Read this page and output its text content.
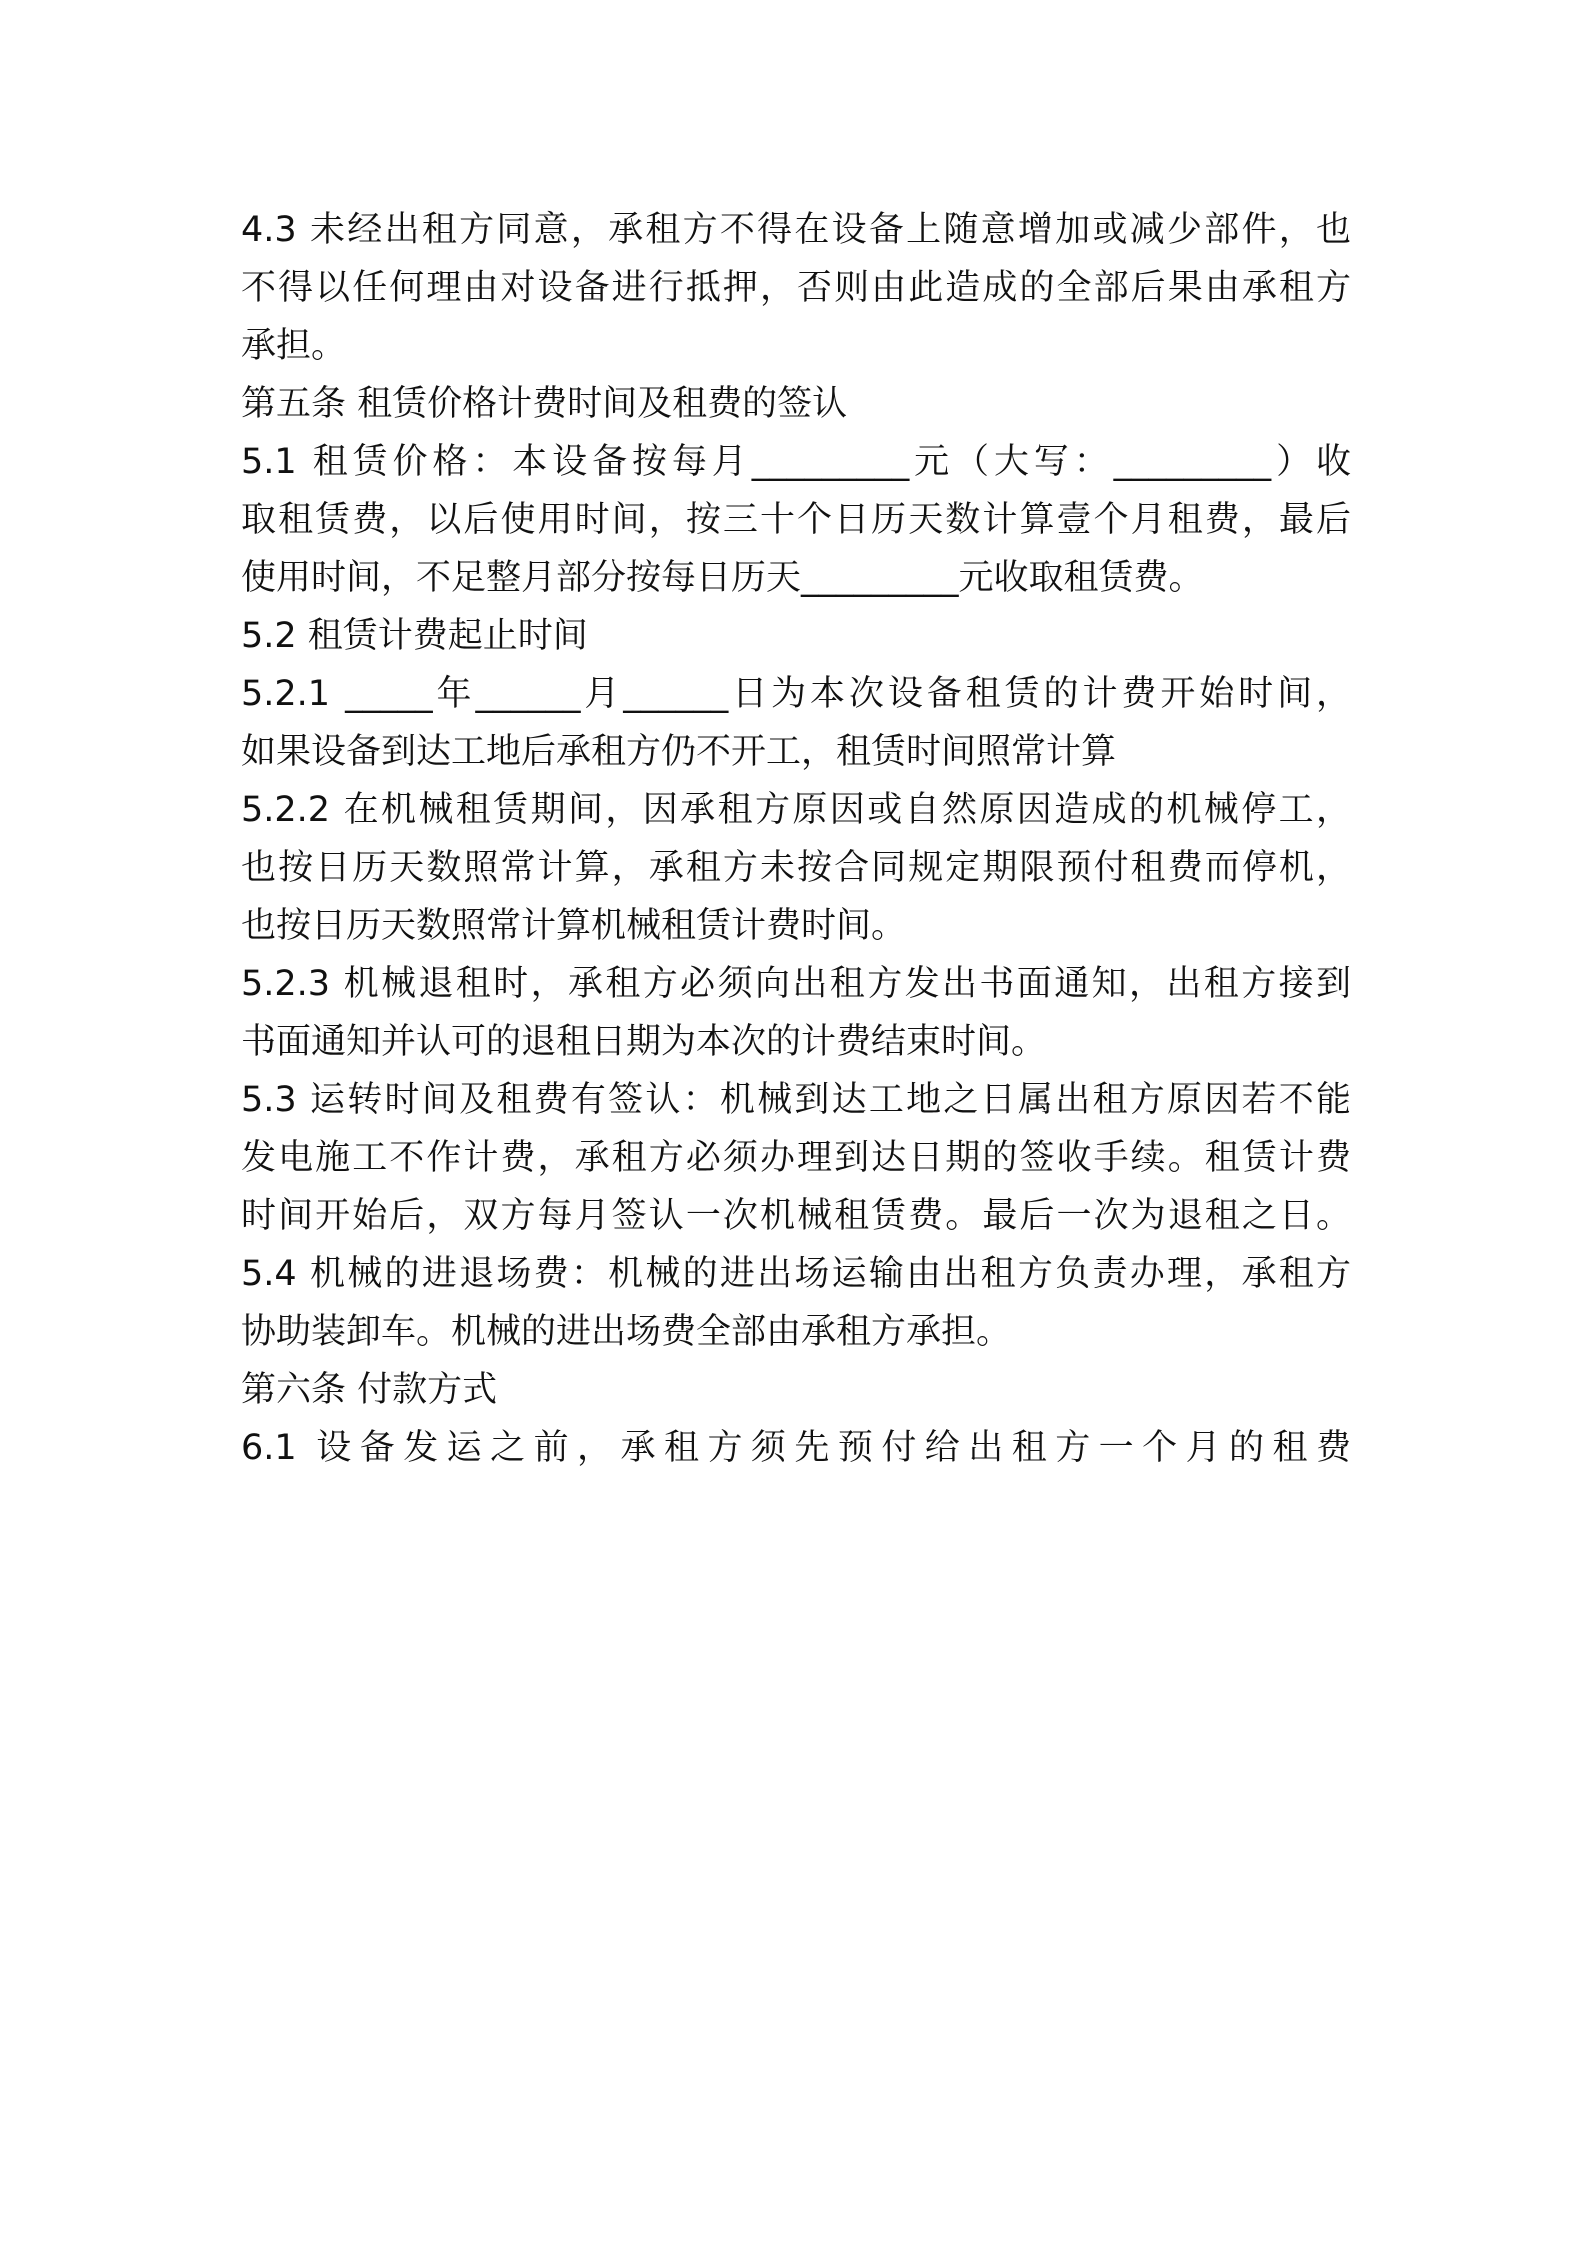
4.3 未经出租方同意，承租方不得在设备上随意增加或减少部件，也
不得以任何理由对设备进行抵押，否则由此造成的全部后果由承租方
承担。
第五条 租赁价格计费时间及租费的签认
5.1 租赁价格：本设备按每月_________元（大写：_________）收
取租赁费，以后使用时间，按三十个日历天数计算壹个月租费，最后
使用时间，不足整月部分按每日历天_________元收取租赁费。
5.2 租赁计费起止时间
5.2.1 _____年______月______日为本次设备租赁的计费开始时间，
如果设备到达工地后承租方仍不开工，租赁时间照常计算
5.2.2 在机械租赁期间，因承租方原因或自然原因造成的机械停工，
也按日历天数照常计算，承租方未按合同规定期限预付租费而停机，
也按日历天数照常计算机械租赁计费时间。
5.2.3 机械退租时，承租方必须向出租方发出书面通知，出租方接到
书面通知并认可的退租日期为本次的计费结束时间。
5.3 运转时间及租费有签认：机械到达工地之日属出租方原因若不能
发电施工不作计费，承租方必须办理到达日期的签收手续。租赁计费
时间开始后，双方每月签认一次机械租赁费。最后一次为退租之日。
5.4 机械的进退场费：机械的进出场运输由出租方负责办理，承租方
协助装卸车。机械的进出场费全部由承租方承担。
第六条 付款方式
6.1 设备发运之前，承租方须先预付给出租方一个月的租费
